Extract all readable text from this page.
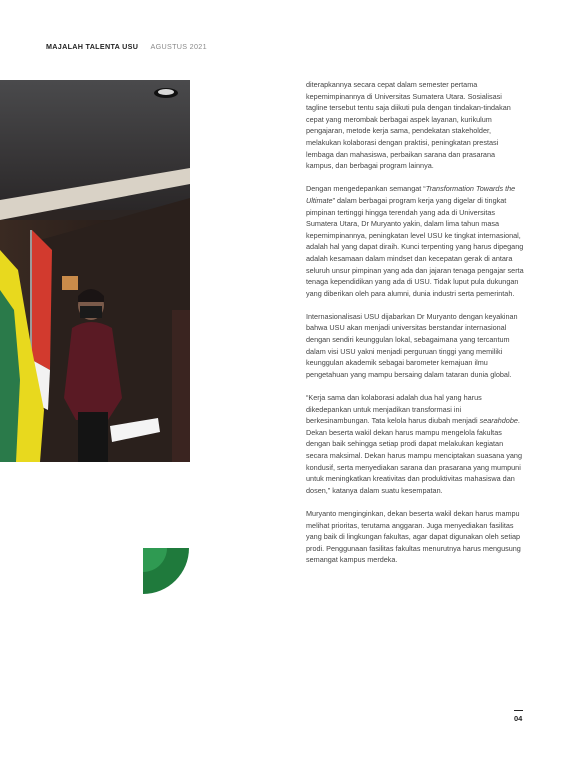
MAJALAH TALENTA USU AGUSTUS 2021

diterapkannya secara cepat dalam semester pertama kepemimpinannya di Universitas Sumatera Utara. Sosialisasi tagline tersebut tentu saja diikuti pula dengan tindakan-tindakan cepat yang merombak berbagai aspek layanan, kurikulum pengajaran, metode kerja sama, pendekatan stakeholder, melakukan kolaborasi dengan praktisi, peningkatan prestasi lembaga dan mahasiswa, perbaikan sarana dan prasarana kampus, dan berbagai program lainnya.

Dengan mengedepankan semangat “Transformation Towards the Ultimate” dalam berbagai program kerja yang digelar di tingkat pimpinan tertinggi hingga terendah yang ada di Universitas Sumatera Utara, Dr Muryanto yakin, dalam lima tahun masa kepemimpinannya, peningkatan level USU ke tingkat internasional, adalah hal yang dapat diraih. Kunci terpenting yang harus dipegang adalah kesamaan dalam mindset dan kecepatan gerak di antara seluruh unsur pimpinan yang ada dan jajaran tenaga pengajar serta tenaga kependidikan yang ada di USU. Tidak luput pula dukungan yang diberikan oleh para alumni, dunia industri serta pemerintah.

Internasionalisasi USU dijabarkan Dr Muryanto dengan keyakinan bahwa USU akan menjadi universitas berstandar internasional dengan sendiri keunggulan lokal, sebagaimana yang tercantum dalam visi USU yakni menjadi perguruan tinggi yang memiliki keunggulan akademik sebagai barometer kemajuan ilmu pengetahuan yang mampu bersaing dalam tataran dunia global.

“Kerja sama dan kolaborasi adalah dua hal yang harus dikedepankan untuk menjadikan transformasi ini berkesinambungan. Tata kelola harus diubah menjadi searahdobe. Dekan beserta wakil dekan harus mampu mengelola fakultas dengan baik sehingga setiap prodi dapat melakukan kegiatan secara maksimal. Dekan harus mampu menciptakan suasana yang kondusif, serta menyediakan sarana dan prasarana yang mumpuni untuk meningkatkan kreativitas dan produktivitas mahasiswa dan dosen,” katanya dalam suatu kesempatan.

Muryanto menginginkan, dekan beserta wakil dekan harus mampu melihat prioritas, terutama anggaran. Juga menyediakan fasilitas yang baik di lingkungan fakultas, agar dapat digunakan oleh setiap prodi. Penggunaan fasilitas fakultas menurutnya harus mengusung semangat kampus merdeka.

04
